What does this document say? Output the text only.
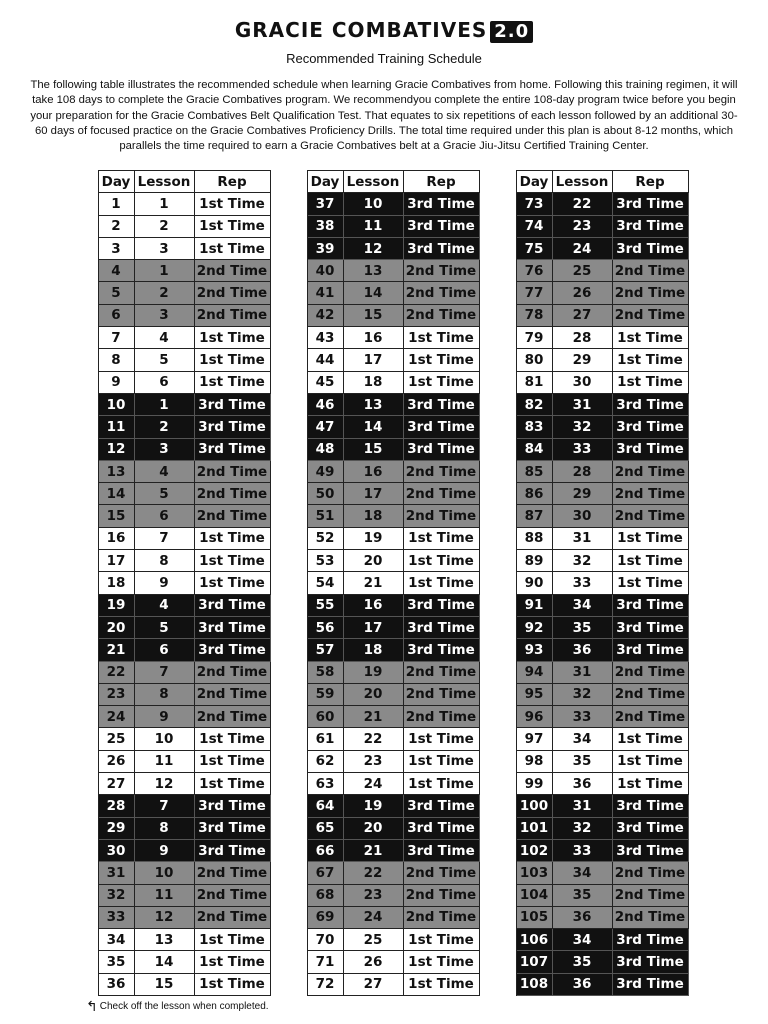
GRACIE COMBATIVES 2.0
Recommended Training Schedule
The following table illustrates the recommended schedule when learning Gracie Combatives from home. Following this training regimen, it will take 108 days to complete the Gracie Combatives program. We recommendyou complete the entire 108-day program twice before you begin your preparation for the Gracie Combatives Belt Qualification Test. That equates to six repetitions of each lesson followed by an additional 30-60 days of focused practice on the Gracie Combatives Proficiency Drills. The total time required under this plan is about 8-12 months, which parallels the time required to earn a Gracie Combatives belt at a Gracie Jiu-Jitsu Certified Training Center.
	Day	Lesson	Rep
	1	1	1st Time
	2	2	1st Time
	3	3	1st Time
	4	1	2nd Time
	5	2	2nd Time
	6	3	2nd Time
	7	4	1st Time
	8	5	1st Time
	9	6	1st Time
	10	1	3rd Time
	11	2	3rd Time
	12	3	3rd Time
	13	4	2nd Time
	14	5	2nd Time
	15	6	2nd Time
	16	7	1st Time
	17	8	1st Time
	18	9	1st Time
	19	4	3rd Time
	20	5	3rd Time
	21	6	3rd Time
	22	7	2nd Time
	23	8	2nd Time
	24	9	2nd Time
	25	10	1st Time
	26	11	1st Time
	27	12	1st Time
	28	7	3rd Time
	29	8	3rd Time
	30	9	3rd Time
	31	10	2nd Time
	32	11	2nd Time
	33	12	2nd Time
	34	13	1st Time
	35	14	1st Time
	36	15	1st Time
	Day	Lesson	Rep
	37	10	3rd Time
	38	11	3rd Time
	39	12	3rd Time
	40	13	2nd Time
	41	14	2nd Time
	42	15	2nd Time
	43	16	1st Time
	44	17	1st Time
	45	18	1st Time
	46	13	3rd Time
	47	14	3rd Time
	48	15	3rd Time
	49	16	2nd Time
	50	17	2nd Time
	51	18	2nd Time
	52	19	1st Time
	53	20	1st Time
	54	21	1st Time
	55	16	3rd Time
	56	17	3rd Time
	57	18	3rd Time
	58	19	2nd Time
	59	20	2nd Time
	60	21	2nd Time
	61	22	1st Time
	62	23	1st Time
	63	24	1st Time
	64	19	3rd Time
	65	20	3rd Time
	66	21	3rd Time
	67	22	2nd Time
	68	23	2nd Time
	69	24	2nd Time
	70	25	1st Time
	71	26	1st Time
	72	27	1st Time
	Day	Lesson	Rep
	73	22	3rd Time
	74	23	3rd Time
	75	24	3rd Time
	76	25	2nd Time
	77	26	2nd Time
	78	27	2nd Time
	79	28	1st Time
	80	29	1st Time
	81	30	1st Time
	82	31	3rd Time
	83	32	3rd Time
	84	33	3rd Time
	85	28	2nd Time
	86	29	2nd Time
	87	30	2nd Time
	88	31	1st Time
	89	32	1st Time
	90	33	1st Time
	91	34	3rd Time
	92	35	3rd Time
	93	36	3rd Time
	94	31	2nd Time
	95	32	2nd Time
	96	33	2nd Time
	97	34	1st Time
	98	35	1st Time
	99	36	1st Time
	100	31	3rd Time
	101	32	3rd Time
	102	33	3rd Time
	103	34	2nd Time
	104	35	2nd Time
	105	36	2nd Time
	106	34	3rd Time
	107	35	3rd Time
	108	36	3rd Time
↰ Check off the lesson when completed.
